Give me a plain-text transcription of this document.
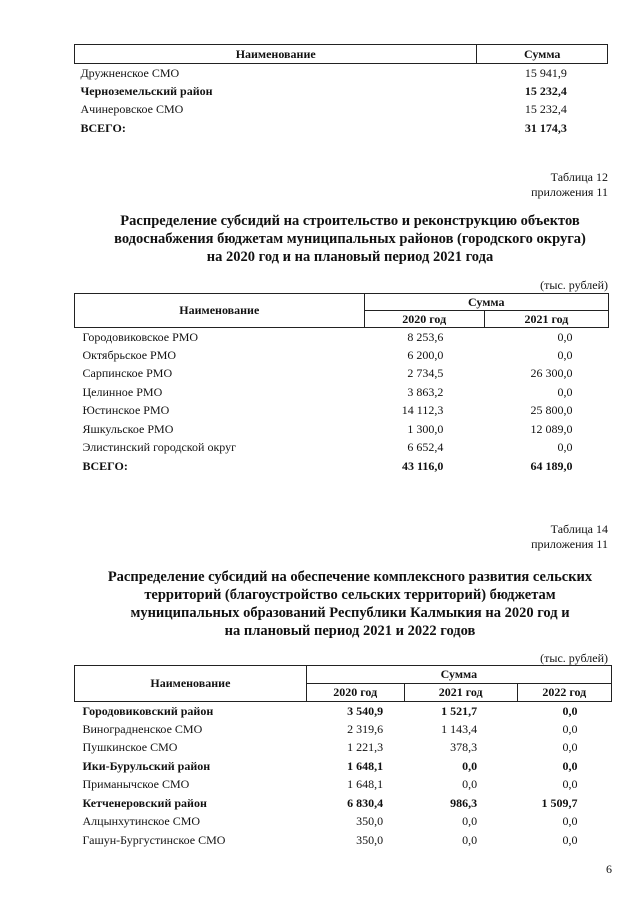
Наименование	Сумма
Дружненское СМО	15 941,9
Черноземельский район	15 232,4
Ачинеровское СМО	15 232,4
ВСЕГО:	31 174,3
Таблица 12
приложения 11
Распределение субсидий на строительство и реконструкцию объектов
водоснабжения бюджетам муниципальных районов (городского округа)
на 2020 год и на плановый период 2021 года
(тыс. рублей)
Наименование	Сумма	
	2020 год	2021 год
Городовиковское РМО	8 253,6	0,0
Октябрьское РМО	6 200,0	0,0
Сарпинское РМО	2 734,5	26 300,0
Целинное РМО	3 863,2	0,0
Юстинское РМО	14 112,3	25 800,0
Яшкульское РМО	1 300,0	12 089,0
Элистинский городской округ	6 652,4	0,0
ВСЕГО:	43 116,0	64 189,0
Таблица 14
приложения 11
Распределение субсидий на обеспечение комплексного развития сельских
территорий (благоустройство сельских территорий) бюджетам
муниципальных образований Республики Калмыкия на 2020 год и
на плановый период 2021 и 2022 годов
(тыс. рублей)
Наименование	Сумма		
	2020 год	2021 год	2022 год
Городовиковский район	3 540,9	1 521,7	0,0
Виноградненское СМО	2 319,6	1 143,4	0,0
Пушкинское СМО	1 221,3	378,3	0,0
Ики-Бурульский район	1 648,1	0,0	0,0
Приманычское СМО	1 648,1	0,0	0,0
Кетченеровский район	6 830,4	986,3	1 509,7
Алцынхутинское СМО	350,0	0,0	0,0
Гашун-Бургустинское СМО	350,0	0,0	0,0
6
